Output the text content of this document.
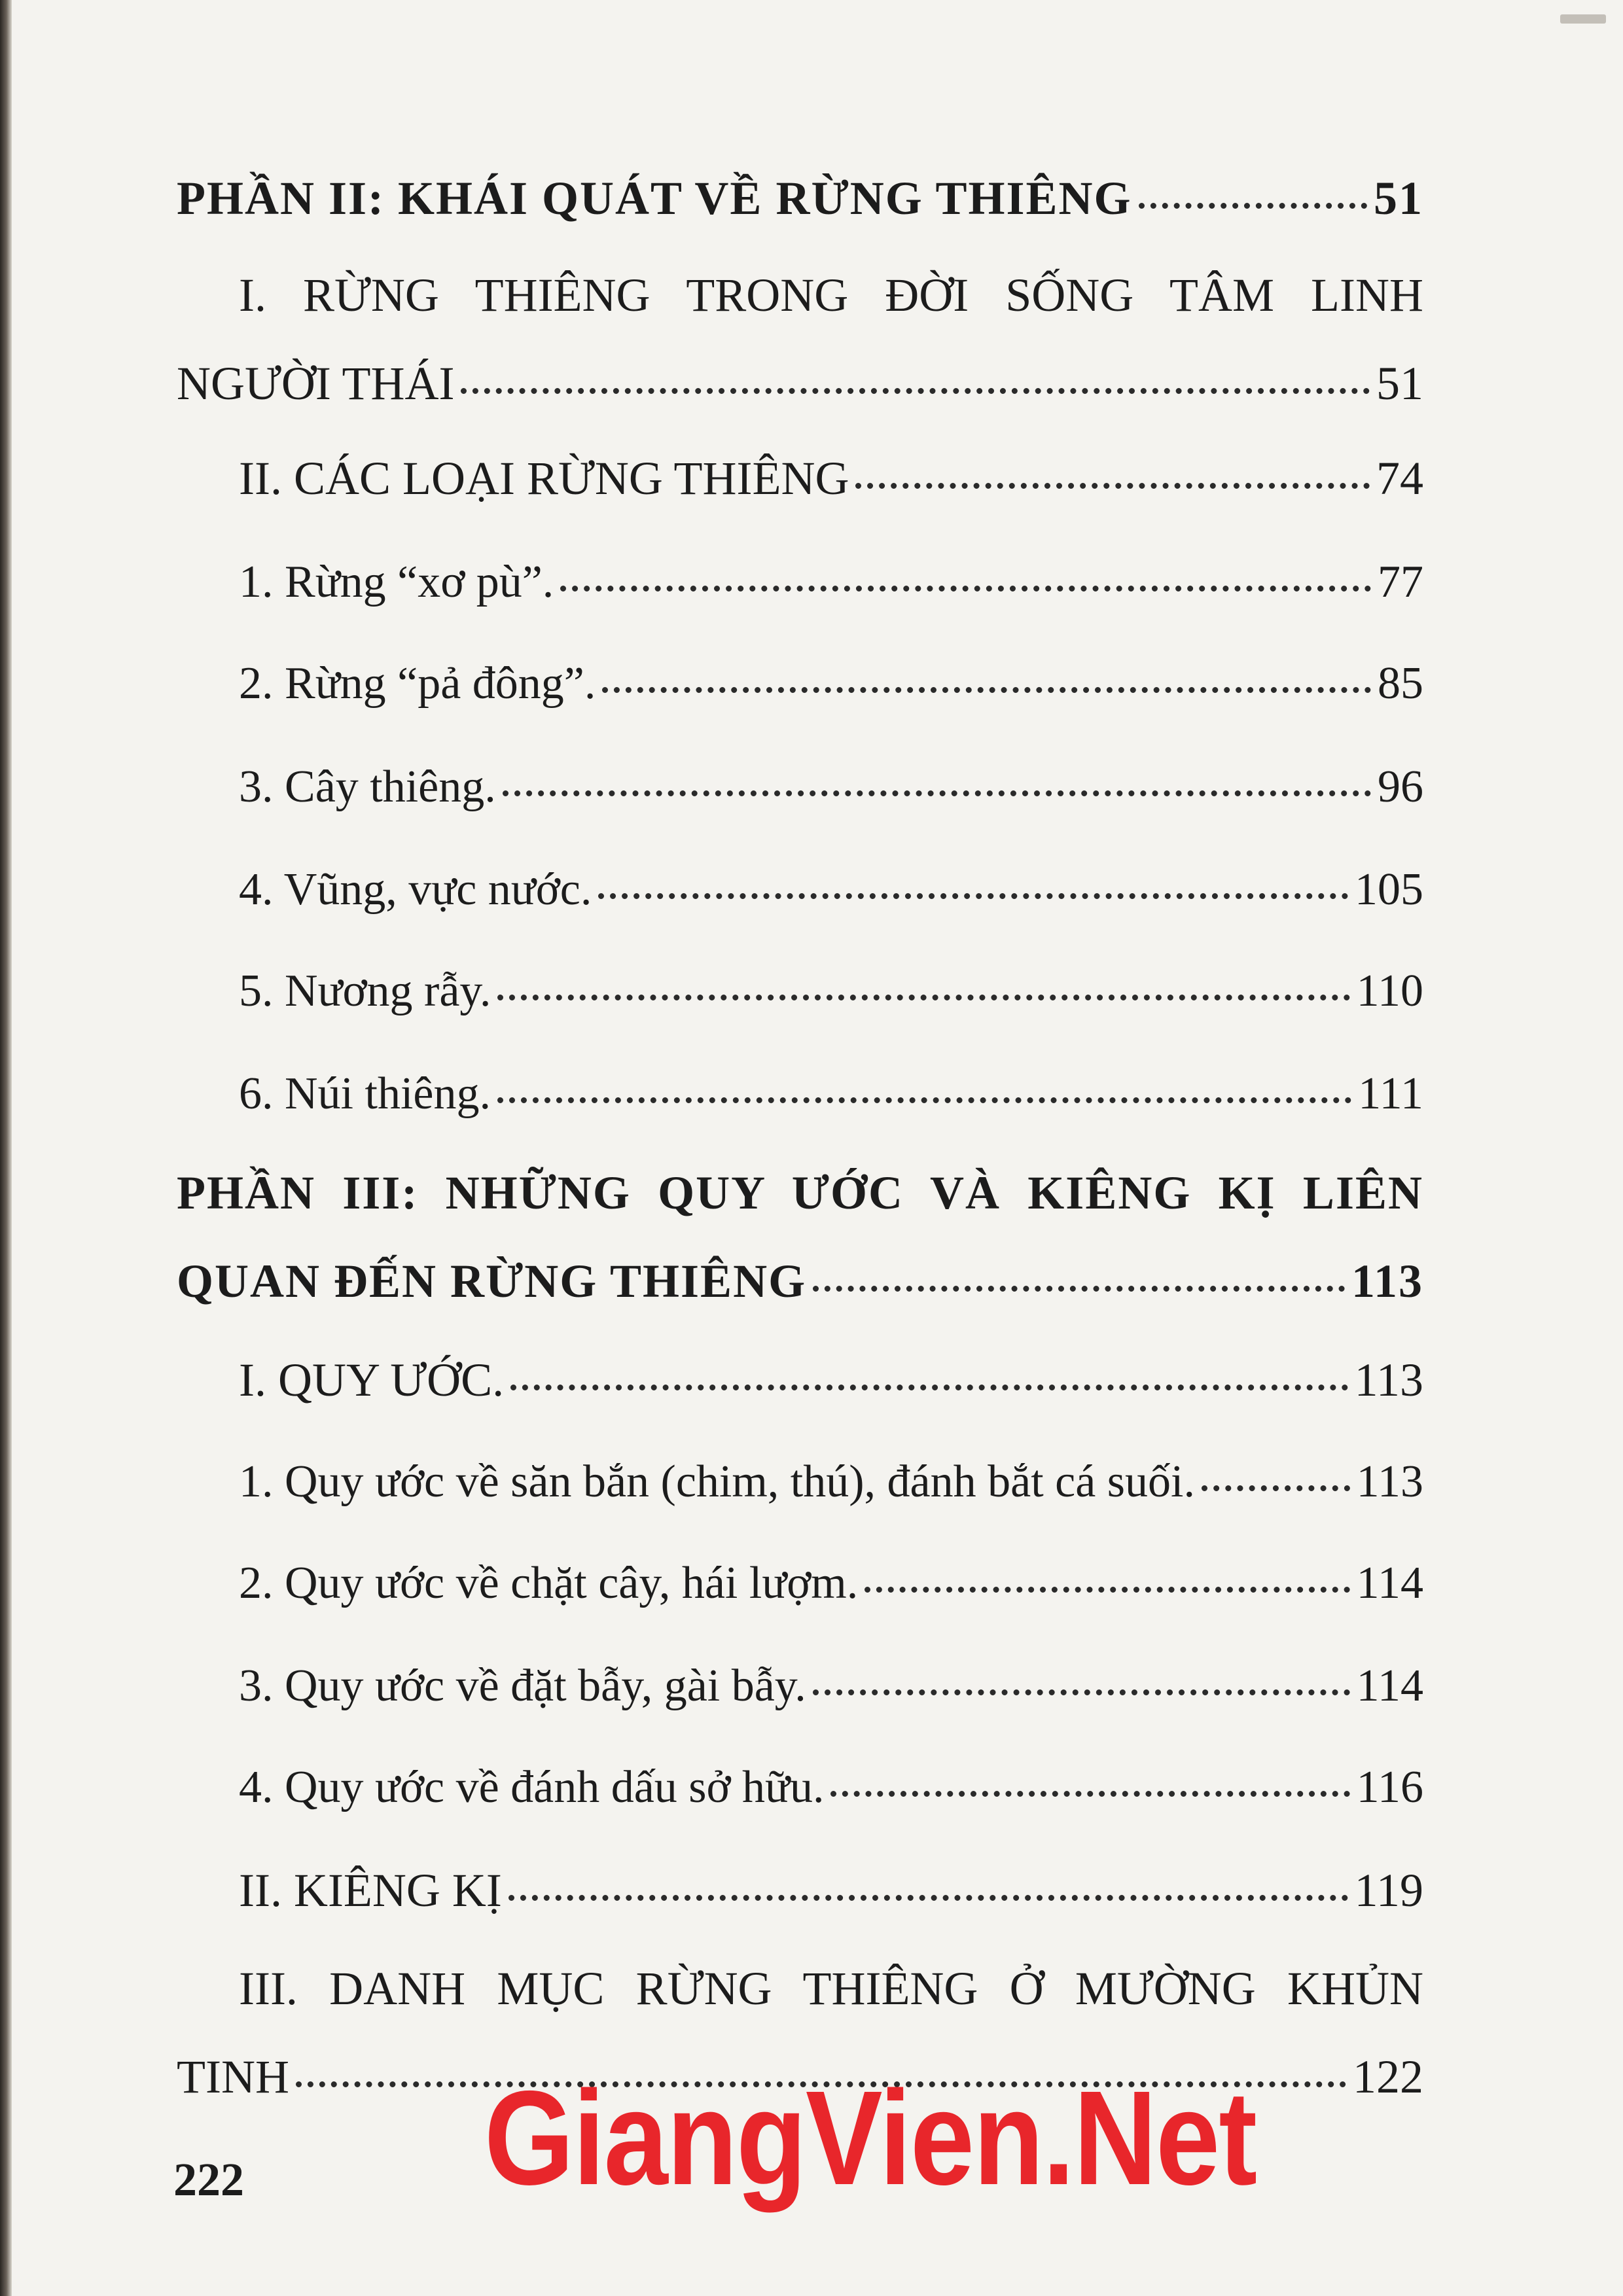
PHẦN II: KHÁI QUÁT VỀ RỪNG THIÊNG	51
I. RỪNG THIÊNG TRONG ĐỜI SỐNG TÂM LINH
NGƯỜI THÁI	51
II. CÁC LOẠI RỪNG THIÊNG	74
1. Rừng “xơ pù”.	77
2. Rừng “pả đông”.	85
3. Cây thiêng.	96
4. Vũng, vực nước.	105
5. Nương rẫy.	110
6. Núi thiêng.	111
PHẦN III: NHỮNG QUY ƯỚC VÀ KIÊNG KỊ LIÊN
QUAN ĐẾN RỪNG THIÊNG	113
I. QUY ƯỚC.	113
1. Quy ước về săn bắn (chim, thú), đánh bắt cá suối.	113
2. Quy ước về chặt cây, hái lượm.	114
3. Quy ước về đặt bẫy, gài bẫy.	114
4. Quy ước về đánh dấu sở hữu.	116
II. KIÊNG KỊ	119
III. DANH MỤC RỪNG THIÊNG Ở MƯỜNG KHỦN
TINH	122
GiangVien.Net
222
